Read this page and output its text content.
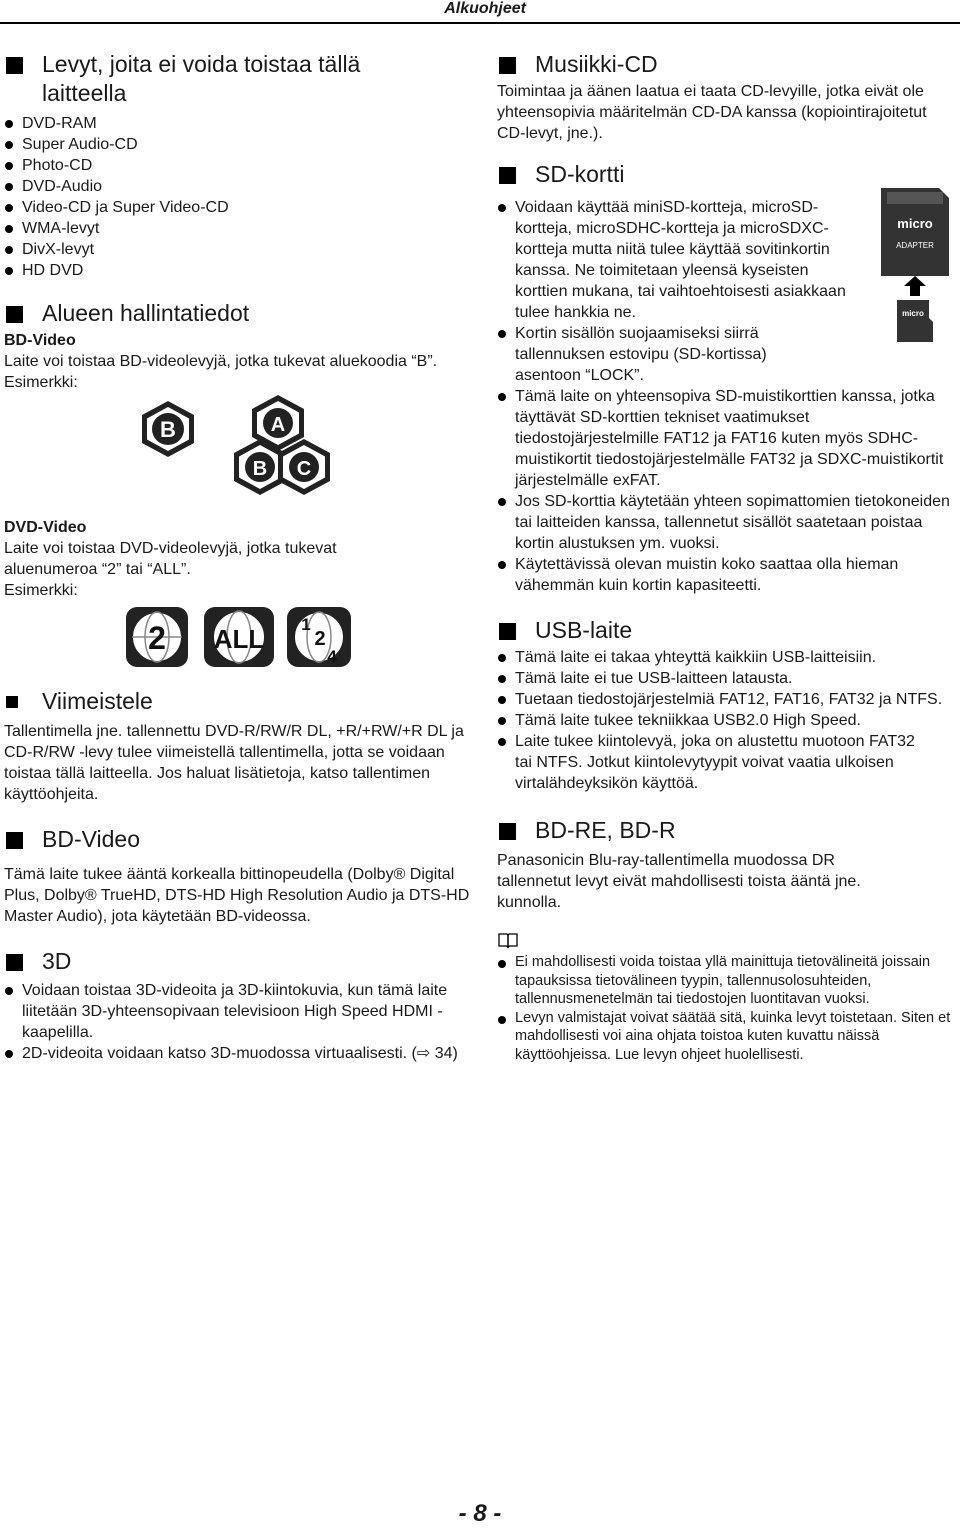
Alkuohjeet
Levyt, joita ei voida toistaa tällä laitteella
DVD-RAM
Super Audio-CD
Photo-CD
DVD-Audio
Video-CD ja Super Video-CD
WMA-levyt
DivX-levyt
HD DVD
Alueen hallintatiedot
BD-Video
Laite voi toistaa BD-videolevyjä, jotka tukevat aluekoodia “B”.
Esimerkki:
B	A
B C
DVD-Video
Laite voi toistaa DVD-videolevyjä, jotka tukevat aluenumeroa “2” tai “ALL”.
Esimerkki:
2 ALL 1
2
4
Viimeistele
Tallentimella jne. tallennettu DVD-R/RW/R DL, +R/+RW/+R DL ja CD-R/RW -levy tulee viimeistellä tallentimella, jotta se voidaan toistaa tällä laitteella. Jos haluat lisätietoja, katso tallentimen käyttöohjeita.
BD-Video
Tämä laite tukee ääntä korkealla bittinopeudella (Dolby® Digital Plus, Dolby® TrueHD, DTS-HD High Resolution Audio ja DTS-HD Master Audio), jota käytetään BD-videossa.
3D
Voidaan toistaa 3D-videoita ja 3D-kiintokuvia, kun tämä laite liitetään 3D-yhteensopivaan televisioon High Speed HDMI -kaapelilla.
2D-videoita voidaan katso 3D-muodossa virtuaalisesti. (⇨ 34)
Musiikki-CD
Toimintaa ja äänen laatua ei taata CD-levyille, jotka eivät ole yhteensopivia määritelmän CD-DA kanssa (kopiointirajoitetut CD-levyt, jne.).
SD-kortti
micro
ADAPTER
micro
Voidaan käyttää miniSD-kortteja, microSD-kortteja, microSDHC-kortteja ja microSDXC-kortteja mutta niitä tulee käyttää sovitinkortin kanssa. Ne toimitetaan yleensä kyseisten korttien mukana, tai vaihtoehtoisesti asiakkaan tulee hankkia ne.
Kortin sisällön suojaamiseksi siirrä tallennuksen estovipu (SD-kortissa) asentoon “LOCK”.
Tämä laite on yhteensopiva SD-muistikorttien kanssa, jotka täyttävät SD-korttien tekniset vaatimukset tiedostojärjestelmille FAT12 ja FAT16 kuten myös SDHC-muistikortit tiedostojärjestelmälle FAT32 ja SDXC-muistikortit järjestelmälle exFAT.
Jos SD-korttia käytetään yhteen sopimattomien tietokoneiden tai laitteiden kanssa, tallennetut sisällöt saatetaan poistaa kortin alustuksen ym. vuoksi.
Käytettävissä olevan muistin koko saattaa olla hieman vähemmän kuin kortin kapasiteetti.
USB-laite
Tämä laite ei takaa yhteyttä kaikkiin USB-laitteisiin.
Tämä laite ei tue USB-laitteen latausta.
Tuetaan tiedostojärjestelmiä FAT12, FAT16, FAT32 ja NTFS.
Tämä laite tukee tekniikkaa USB2.0 High Speed.
Laite tukee kiintolevyä, joka on alustettu muotoon FAT32 tai NTFS. Jotkut kiintolevytyypit voivat vaatia ulkoisen virtalähdeyksikön käyttöä.
BD-RE, BD-R
Panasonicin Blu-ray-tallentimella muodossa DR tallennetut levyt eivät mahdollisesti toista ääntä jne. kunnolla.
Ei mahdollisesti voida toistaa yllä mainittuja tietovälineitä joissain tapauksissa tietovälineen tyypin, tallennusolosuhteiden, tallennusmenetelmän tai tiedostojen luontitavan vuoksi.
Levyn valmistajat voivat säätää sitä, kuinka levyt toistetaan. Siten et mahdollisesti voi aina ohjata toistoa kuten kuvattu näissä käyttöohjeissa. Lue levyn ohjeet huolellisesti.
- 8 -
